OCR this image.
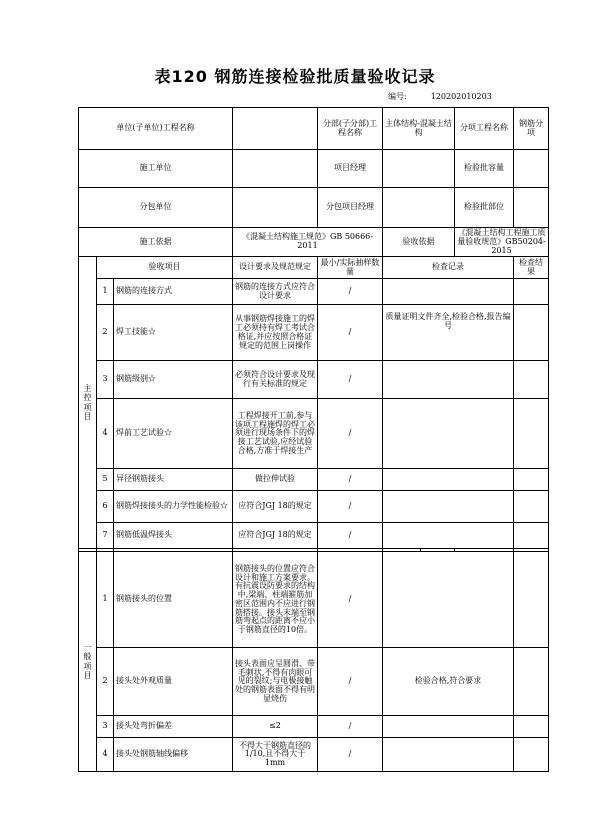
表120 钢筋连接检验批质量验收记录
编号:	120202010203
单位(子单位)工程名称				分部(子分部)工程名称	主体结构-混凝土结构		分项工程名称	钢筋分项
施工单位				项目经理			检验批容量	
分包单位				分包项目经理			检验批部位	
施工依据			《混凝土结构施工规范》GB 50666-2011		验收依据		《混凝土结构工程施工质量验收规范》GB50204-2015	
主控项目	验收项目		设计要求及规范规定	最小/实际抽样数量	检查记录			检查结果
	1	钢筋的连接方式	钢筋的连接方式应符合设计要求	/				
	2	焊工技能☆	从事钢筋焊接施工的焊工必须持有焊工考试合格证,并应按照合格证规定的范围上岗操作	/	质量证明文件齐全,检验合格,报告编号			
	3	钢筋级别☆	必须符合设计要求及现行有关标准的规定	/				
	4	焊前工艺试验☆	工程焊接开工前,参与该项工程施焊的焊工必须进行现场条件下的焊接工艺试验,应经试验合格,方准于焊接生产	/				
	5	异径钢筋接头	做拉伸试验	/				
	6	钢筋焊接接头的力学性能检验☆	应符合JGJ 18的规定	/				
	7	钢筋低温焊接头	应符合JGJ 18的规定	/				

一般项目	1	钢筋接头的位置	钢筋接头的位置应符合设计和施工方案要求。有抗震设防要求的结构中,梁端、柱端箍筋加密区范围内不应进行钢筋搭接。接头末端至钢筋弯起点的距离不应小于钢筋直径的10倍。	/				
	2	接头处外观质量	接头表面应呈圆滑、带毛刺状,不得有肉眼可见的裂纹;与电极接触处的钢筋表面不得有明显烧伤	/	检验合格,符合要求			
	3	接头处弯折偏差	≤2	/				
	4	接头处钢筋轴线偏移	不得大于钢筋直径的1/10,且不得大于1mm	/				
